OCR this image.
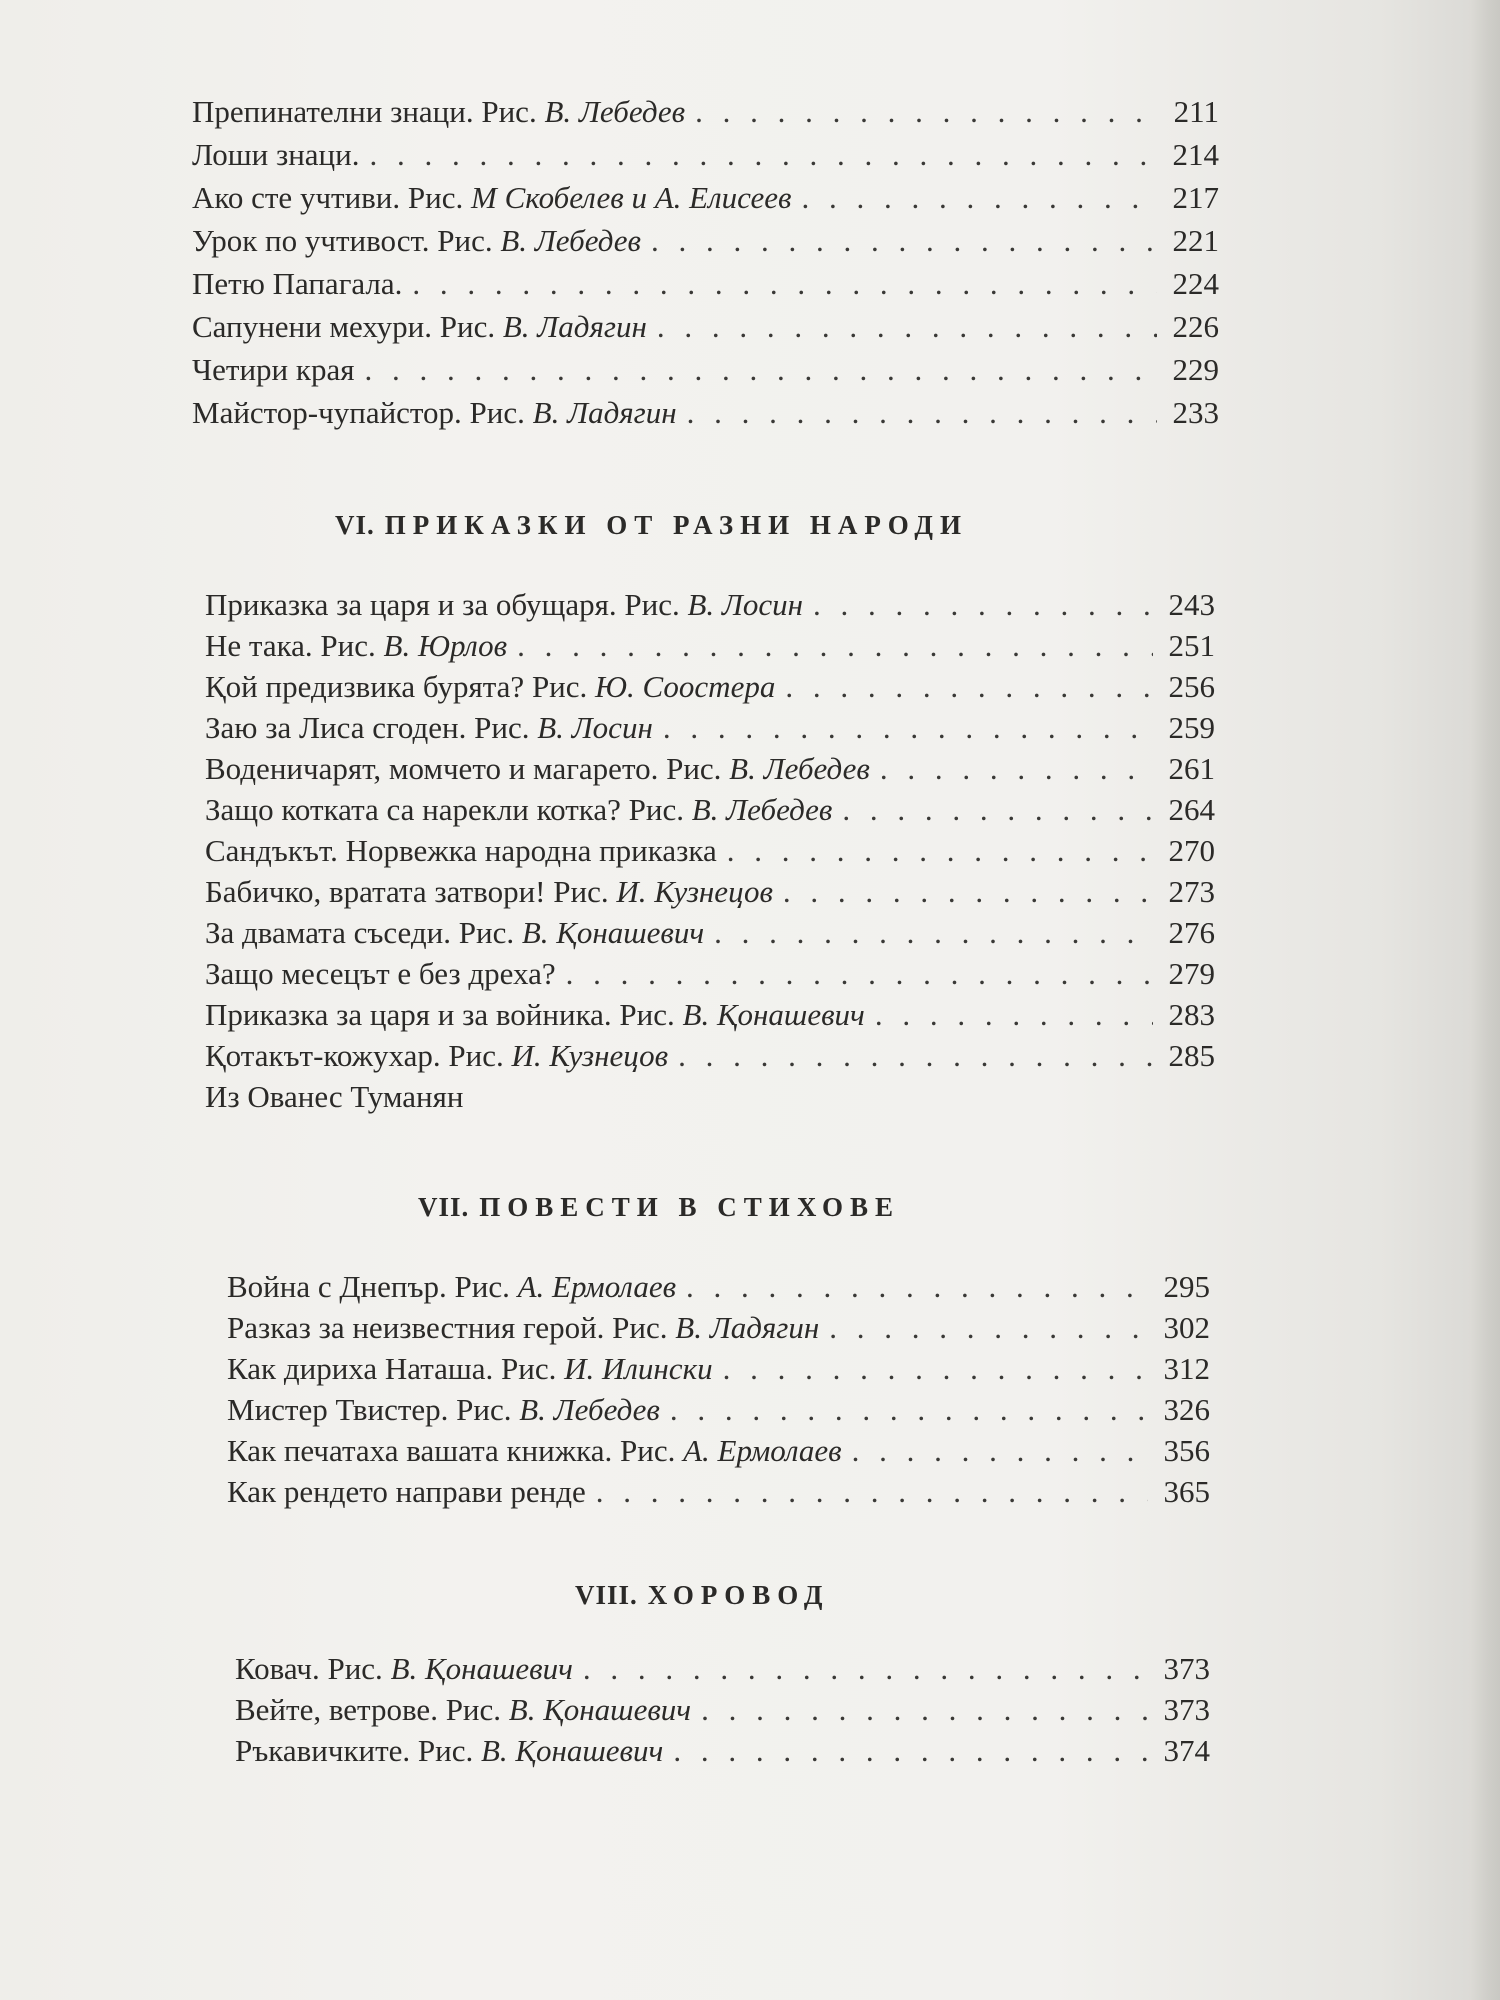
Препинателни знаци. Рис. В. Лебедев . . .	211
Лоши знаци. . . .	214
Ако сте учтиви. Рис. М Скобелев и А. Елисеев . . .	217
Урок по учтивост. Рис. В. Лебедев . . .	221
Петю Папагала. . . .	224
Сапунени мехури. Рис. В. Ладягин . . .	226
Четири края . . .	229
Майстор-чупайстор. Рис. В. Ладягин . . .	233
VI. ПРИКАЗКИ ОТ РАЗНИ НАРОДИ
Приказка за царя и за обущаря. Рис. В. Лосин . . .	243
Не така. Рис. В. Юрлов . . .	251
Қой предизвика бурята? Рис. Ю. Соостера . . .	256
Заю за Лиса сгоден. Рис. В. Лосин . . .	259
Воденичарят, момчето и магарето. Рис. В. Лебедев . . .	261
Защо котката са нарекли котка? Рис. В. Лебедев . . .	264
Сандъкът. Норвежка народна приказка . . .	270
Бабичко, вратата затвори! Рис. И. Кузнецов . . .	273
За двамата съседи. Рис. В. Қонашевич . . .	276
Защо месецът е без дреха? . . .	279
Приказка за царя и за войника. Рис. В. Қонашевич . . .	283
Қотакът-кожухар. Рис. И. Кузнецов . . .	285
Из Ованес Туманян
VII. ПОВЕСТИ В СТИХОВЕ
Война с Днепър. Рис. А. Ермолаев . . .	295
Разказ за неизвестния герой. Рис. В. Ладягин . . .	302
Как дириха Наташа. Рис. И. Илински . . .	312
Мистер Твистер. Рис. В. Лебедев . . .	326
Как печатаха вашата книжка. Рис. А. Ермолаев . . .	356
Как рендето направи ренде . . .	365
VIII. ХОРОВОД
Ковач. Рис. В. Қонашевич . . .	373
Вейте, ветрове. Рис. В. Қонашевич . . .	373
Ръкавичките. Рис. В. Қонашевич . . .	374
